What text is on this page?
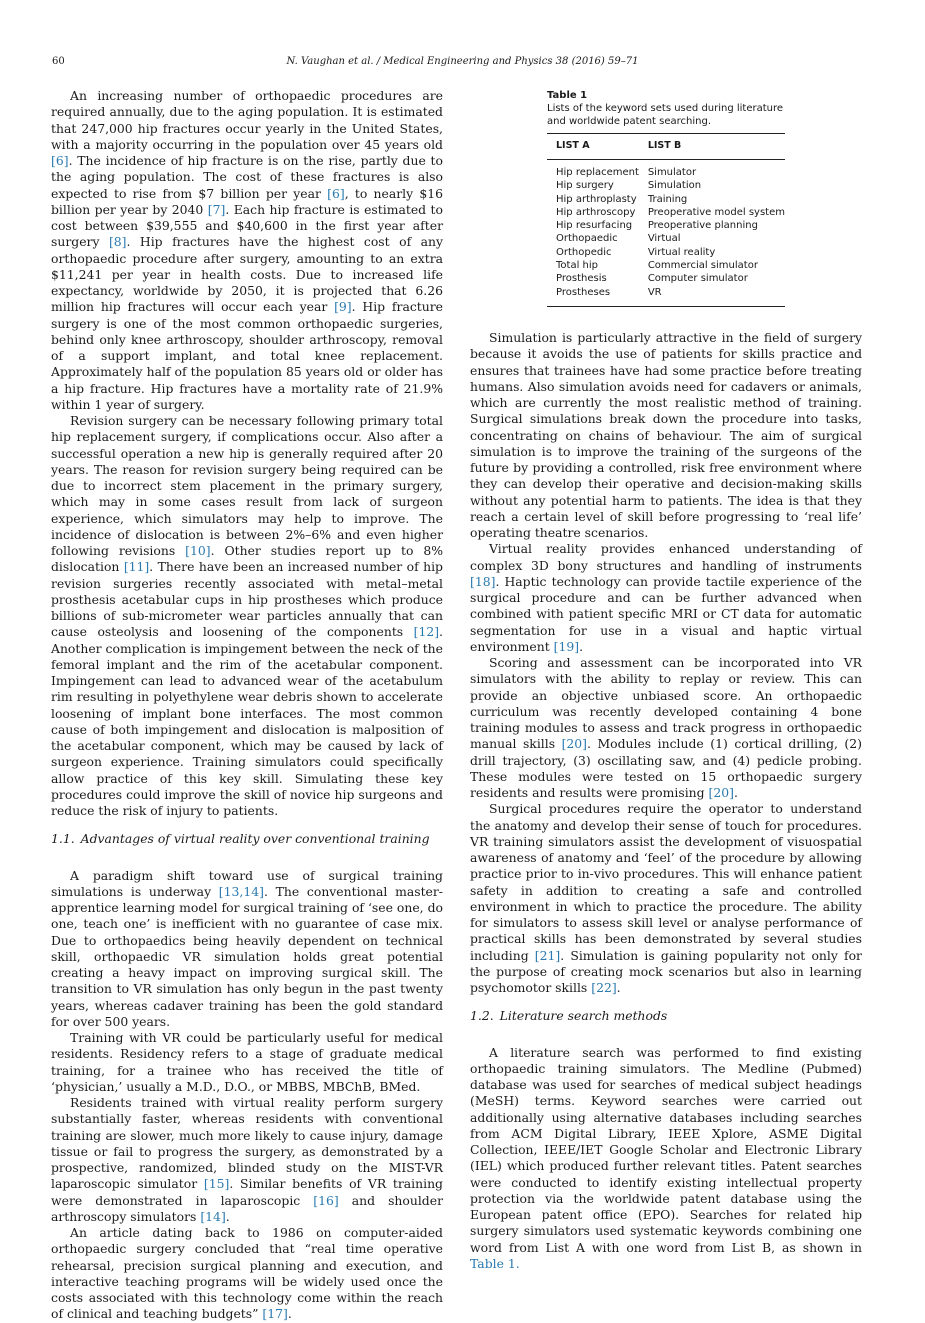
60	N. Vaughan et al. / Medical Engineering and Physics 38 (2016) 59–71
Table 1
Lists of the keyword sets used during literature and worldwide patent searching.
LIST A	LIST B
Hip replacement	Simulator
Hip surgery	Simulation
Hip arthroplasty	Training
Hip arthroscopy	Preoperative model system
Hip resurfacing	Preoperative planning
Orthopaedic	Virtual
Orthopedic	Virtual reality
Total hip	Commercial simulator
Prosthesis	Computer simulator
Prostheses	VR

An increasing number of orthopaedic procedures are required annually, due to the aging population. It is estimated that 247,000 hip fractures occur yearly in the United States, with a majority occurring in the population over 45 years old [6]. The incidence of hip fracture is on the rise, partly due to the aging population. The cost of these fractures is also expected to rise from $7 billion per year [6], to nearly $16 billion per year by 2040 [7]. Each hip fracture is estimated to cost between $39,555 and $40,600 in the first year after surgery [8]. Hip fractures have the highest cost of any orthopaedic procedure after surgery, amounting to an extra $11,241 per year in health costs. Due to increased life expectancy, worldwide by 2050, it is projected that 6.26 million hip fractures will occur each year [9]. Hip fracture surgery is one of the most common orthopaedic surgeries, behind only knee arthroscopy, shoulder arthroscopy, removal of a support implant, and total knee replacement. Approximately half of the population 85 years old or older has a hip fracture. Hip fractures have a mortality rate of 21.9% within 1 year of surgery.

Revision surgery can be necessary following primary total hip replacement surgery, if complications occur. Also after a successful operation a new hip is generally required after 20 years. The reason for revision surgery being required can be due to incorrect stem placement in the primary surgery, which may in some cases result from lack of surgeon experience, which simulators may help to improve. The incidence of dislocation is between 2%–6% and even higher following revisions [10]. Other studies report up to 8% dislocation [11]. There have been an increased number of hip revision surgeries recently associated with metal–metal prosthesis acetabular cups in hip prostheses which produce billions of sub-micrometer wear particles annually that can cause osteolysis and loosening of the components [12]. Another complication is impingement between the neck of the femoral implant and the rim of the acetabular component. Impingement can lead to advanced wear of the acetabulum rim resulting in polyethylene wear debris shown to accelerate loosening of implant bone interfaces. The most common cause of both impingement and dislocation is malposition of the acetabular component, which may be caused by lack of surgeon experience. Training simulators could specifically allow practice of this key skill. Simulating these key procedures could improve the skill of novice hip surgeons and reduce the risk of injury to patients.

1.1. Advantages of virtual reality over conventional training

A paradigm shift toward use of surgical training simulations is underway [13,14]. The conventional master-apprentice learning model for surgical training of ‘see one, do one, teach one’ is inefficient with no guarantee of case mix. Due to orthopaedics being heavily dependent on technical skill, orthopaedic VR simulation holds great potential creating a heavy impact on improving surgical skill. The transition to VR simulation has only begun in the past twenty years, whereas cadaver training has been the gold standard for over 500 years.

Training with VR could be particularly useful for medical residents. Residency refers to a stage of graduate medical training, for a trainee who has received the title of ‘physician,’ usually a M.D., D.O., or MBBS, MBChB, BMed.

Residents trained with virtual reality perform surgery substantially faster, whereas residents with conventional training are slower, much more likely to cause injury, damage tissue or fail to progress the surgery, as demonstrated by a prospective, randomized, blinded study on the MIST-VR laparoscopic simulator [15]. Similar benefits of VR training were demonstrated in laparoscopic [16] and shoulder arthroscopy simulators [14].

An article dating back to 1986 on computer-aided orthopaedic surgery concluded that “real time operative rehearsal, precision surgical planning and execution, and interactive teaching programs will be widely used once the costs associated with this technology come within the reach of clinical and teaching budgets” [17].

Simulation is particularly attractive in the field of surgery because it avoids the use of patients for skills practice and ensures that trainees have had some practice before treating humans. Also simulation avoids need for cadavers or animals, which are currently the most realistic method of training. Surgical simulations break down the procedure into tasks, concentrating on chains of behaviour. The aim of surgical simulation is to improve the training of the surgeons of the future by providing a controlled, risk free environment where they can develop their operative and decision-making skills without any potential harm to patients. The idea is that they reach a certain level of skill before progressing to ‘real life’ operating theatre scenarios.

Virtual reality provides enhanced understanding of complex 3D bony structures and handling of instruments [18]. Haptic technology can provide tactile experience of the surgical procedure and can be further advanced when combined with patient specific MRI or CT data for automatic segmentation for use in a visual and haptic virtual environment [19].

Scoring and assessment can be incorporated into VR simulators with the ability to replay or review. This can provide an objective unbiased score. An orthopaedic curriculum was recently developed containing 4 bone training modules to assess and track progress in orthopaedic manual skills [20]. Modules include (1) cortical drilling, (2) drill trajectory, (3) oscillating saw, and (4) pedicle probing. These modules were tested on 15 orthopaedic surgery residents and results were promising [20].

Surgical procedures require the operator to understand the anatomy and develop their sense of touch for procedures. VR training simulators assist the development of visuospatial awareness of anatomy and ‘feel’ of the procedure by allowing practice prior to in-vivo procedures. This will enhance patient safety in addition to creating a safe and controlled environment in which to practice the procedure. The ability for simulators to assess skill level or analyse performance of practical skills has been demonstrated by several studies including [21]. Simulation is gaining popularity not only for the purpose of creating mock scenarios but also in learning psychomotor skills [22].

1.2. Literature search methods

A literature search was performed to find existing orthopaedic training simulators. The Medline (Pubmed) database was used for searches of medical subject headings (MeSH) terms. Keyword searches were carried out additionally using alternative databases including searches from ACM Digital Library, IEEE Xplore, ASME Digital Collection, IEEE/IET Google Scholar and Electronic Library (IEL) which produced further relevant titles. Patent searches were conducted to identify existing intellectual property protection via the worldwide patent database using the European patent office (EPO). Searches for related hip surgery simulators used systematic keywords combining one word from List A with one word from List B, as shown in Table 1.
